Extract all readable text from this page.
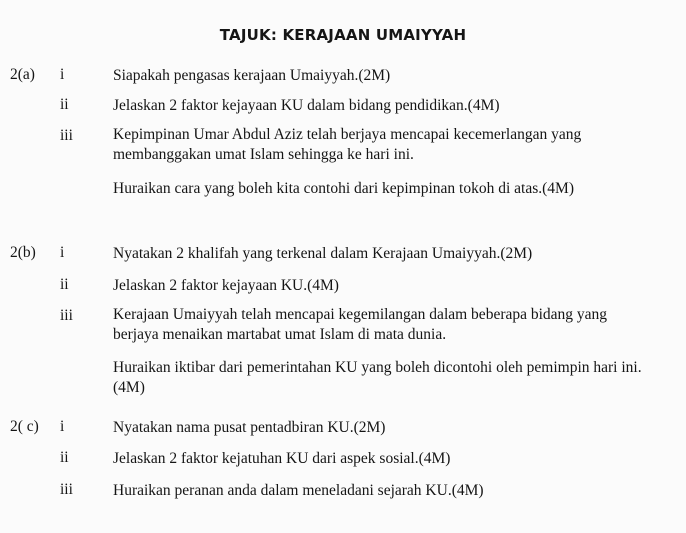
TAJUK: KERAJAAN UMAIYYAH
2(a) i	Siapakah pengasas kerajaan Umaiyyah.(2M)
ii	Jelaskan 2 faktor kejayaan KU dalam bidang pendidikan.(4M)
iii	Kepimpinan Umar Abdul Aziz telah berjaya mencapai kecemerlangan yang membanggakan umat Islam sehingga ke hari ini.
Huraikan cara yang boleh kita contohi dari kepimpinan tokoh di atas.(4M)
2(b) i	Nyatakan 2 khalifah yang terkenal dalam Kerajaan Umaiyyah.(2M)
ii	Jelaskan 2 faktor kejayaan KU.(4M)
iii	Kerajaan Umaiyyah telah mencapai kegemilangan dalam beberapa bidang yang berjaya menaikan martabat umat Islam di mata dunia.
Huraikan iktibar dari pemerintahan KU yang boleh dicontohi oleh pemimpin hari ini.(4M)
2( c) i	Nyatakan nama pusat pentadbiran KU.(2M)
ii	Jelaskan 2 faktor kejatuhan KU dari aspek sosial.(4M)
iii	Huraikan peranan anda dalam meneladani sejarah KU.(4M)
